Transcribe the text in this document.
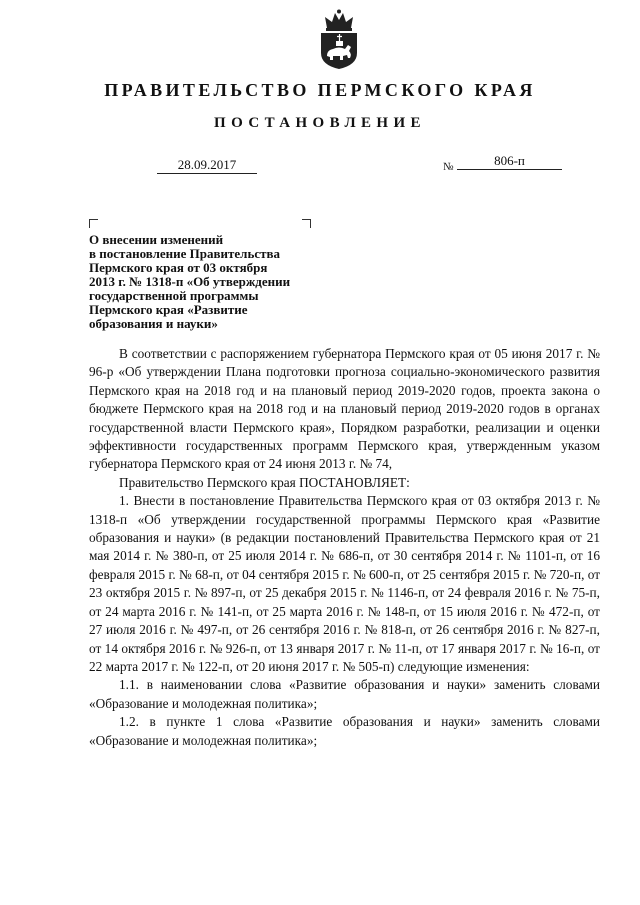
ПРАВИТЕЛЬСТВО ПЕРМСКОГО КРАЯ
ПОСТАНОВЛЕНИЕ
28.09.2017	№	806-п
О внесении изменений
в постановление Правительства
Пермского края от 03 октября
2013 г. № 1318-п «Об утверждении
государственной программы
Пермского края «Развитие
образования и науки»

В соответствии с распоряжением губернатора Пермского края от 05 июня 2017 г. № 96-р «Об утверждении Плана подготовки прогноза социально-экономического развития Пермского края на 2018 год и на плановый период 2019-2020 годов, проекта закона о бюджете Пермского края на 2018 год и на плановый период 2019-2020 годов в органах государственной власти Пермского края», Порядком разработки, реализации и оценки эффективности государственных программ Пермского края, утвержденным указом губернатора Пермского края от 24 июня 2013 г. № 74,

Правительство Пермского края ПОСТАНОВЛЯЕТ:

1. Внести в постановление Правительства Пермского края от 03 октября 2013 г. № 1318-п «Об утверждении государственной программы Пермского края «Развитие образования и науки» (в редакции постановлений Правительства Пермского края от 21 мая 2014 г. № 380-п, от 25 июля 2014 г. № 686-п, от 30 сентября 2014 г. № 1101-п, от 16 февраля 2015 г. № 68-п, от 04 сентября 2015 г. № 600-п, от 25 сентября 2015 г. № 720-п, от 23 октября 2015 г. № 897-п, от 25 декабря 2015 г. № 1146-п, от 24 февраля 2016 г. № 75-п, от 24 марта 2016 г. № 141-п, от 25 марта 2016 г. № 148-п, от 15 июля 2016 г. № 472-п, от 27 июля 2016 г. № 497-п, от 26 сентября 2016 г. № 818-п, от 26 сентября 2016 г. № 827-п, от 14 октября 2016 г. № 926-п, от 13 января 2017 г. № 11-п, от 17 января 2017 г. № 16-п, от 22 марта 2017 г. № 122-п, от 20 июня 2017 г. № 505-п) следующие изменения:

1.1. в наименовании слова «Развитие образования и науки» заменить словами «Образование и молодежная политика»;

1.2. в пункте 1 слова «Развитие образования и науки» заменить словами «Образование и молодежная политика»;
